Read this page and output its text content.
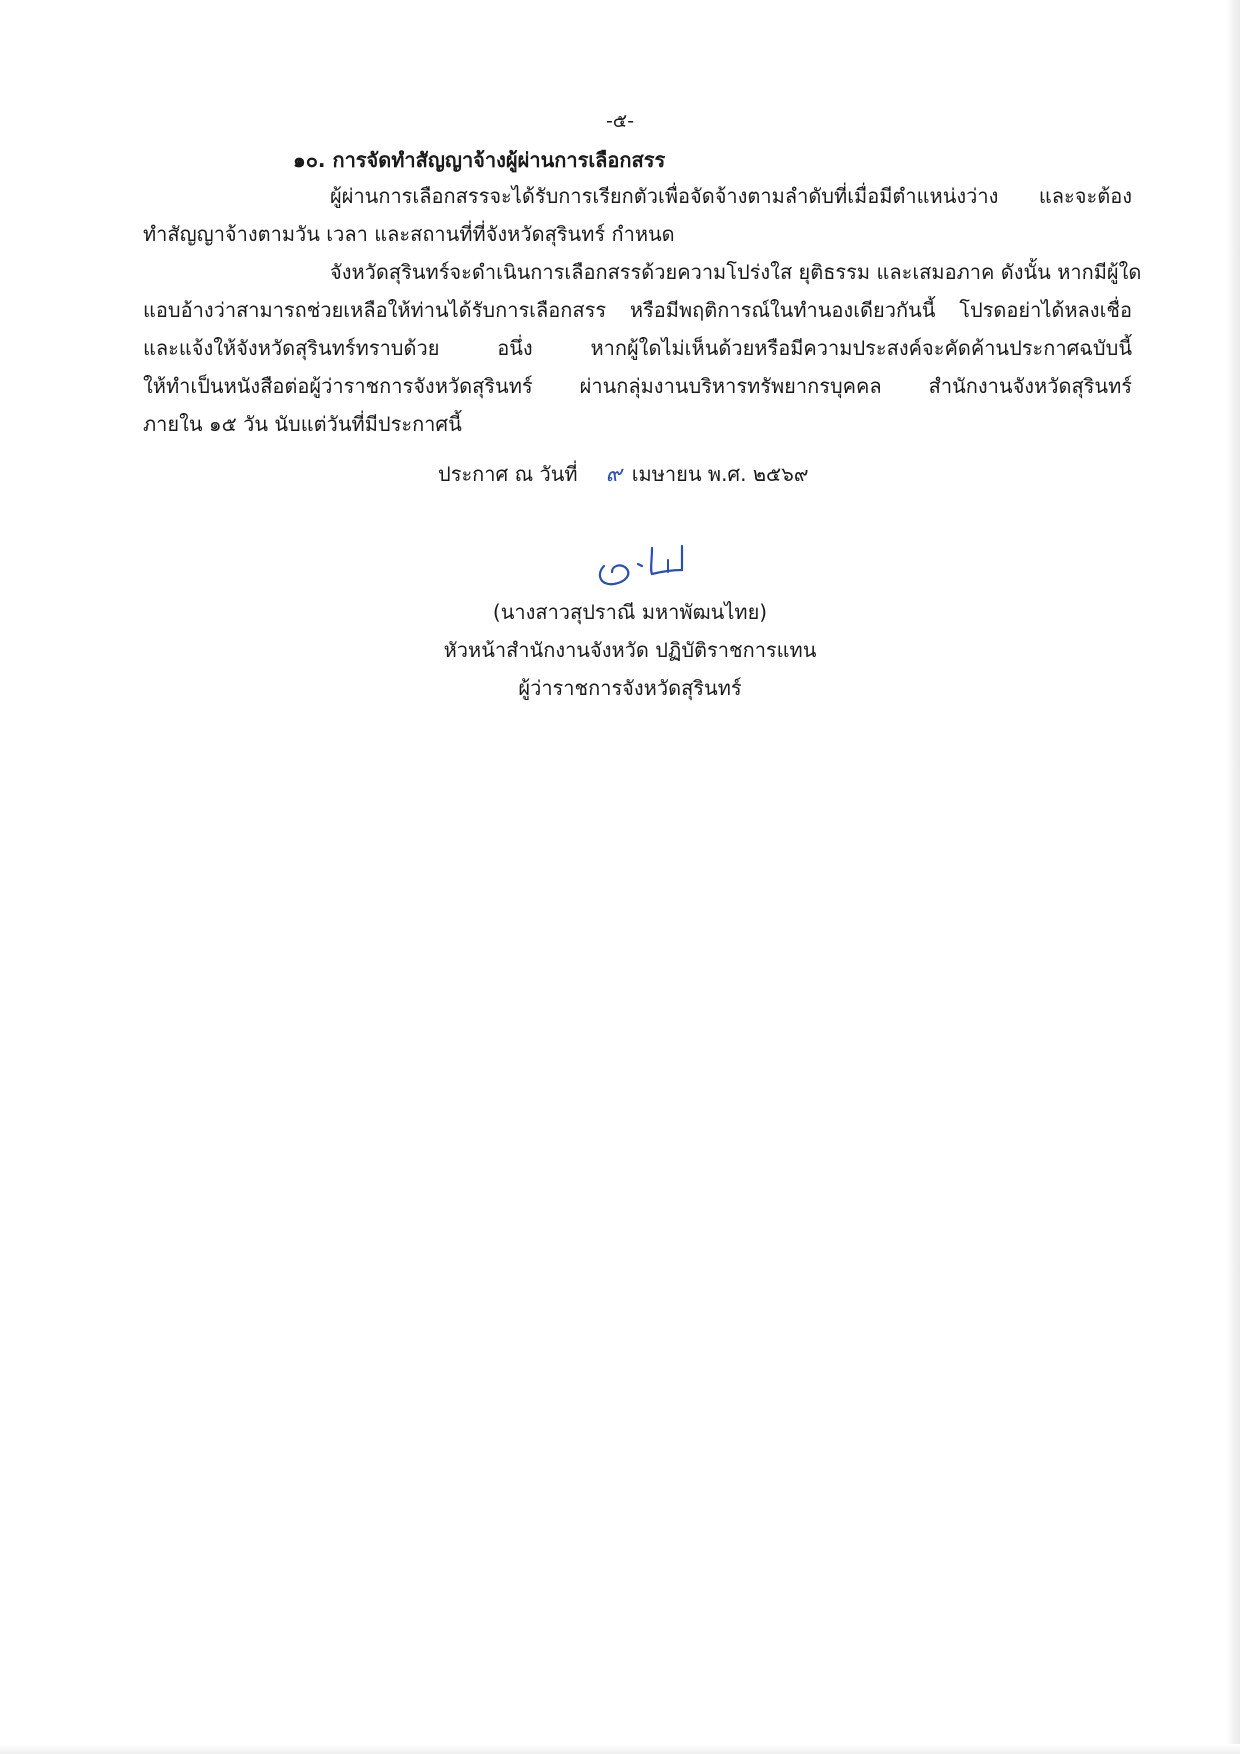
-๕-
๑๐. การจัดทำสัญญาจ้างผู้ผ่านการเลือกสรร
ผู้ผ่านการเลือกสรรจะได้รับการเรียกตัวเพื่อจัดจ้างตามลำดับที่เมื่อมีตำแหน่งว่าง และจะต้อง
ทำสัญญาจ้างตามวัน เวลา และสถานที่ที่จังหวัดสุรินทร์ กำหนด
จังหวัดสุรินทร์จะดำเนินการเลือกสรรด้วยความโปร่งใส ยุติธรรม และเสมอภาค ดังนั้น หากมีผู้ใด
แอบอ้างว่าสามารถช่วยเหลือให้ท่านได้รับการเลือกสรร หรือมีพฤติการณ์ในทำนองเดียวกันนี้ โปรดอย่าได้หลงเชื่อ
และแจ้งให้จังหวัดสุรินทร์ทราบด้วย อนึ่ง หากผู้ใดไม่เห็นด้วยหรือมีความประสงค์จะคัดค้านประกาศฉบับนี้
ให้ทำเป็นหนังสือต่อผู้ว่าราชการจังหวัดสุรินทร์ ผ่านกลุ่มงานบริหารทรัพยากรบุคคล สำนักงานจังหวัดสุรินทร์
ภายใน ๑๕ วัน นับแต่วันที่มีประกาศนี้
ประกาศ ณ วันที่ ๙ เมษายน พ.ศ. ๒๕๖๙
(นางสาวสุปราณี มหาพัฒนไทย)
หัวหน้าสำนักงานจังหวัด ปฏิบัติราชการแทน
ผู้ว่าราชการจังหวัดสุรินทร์
